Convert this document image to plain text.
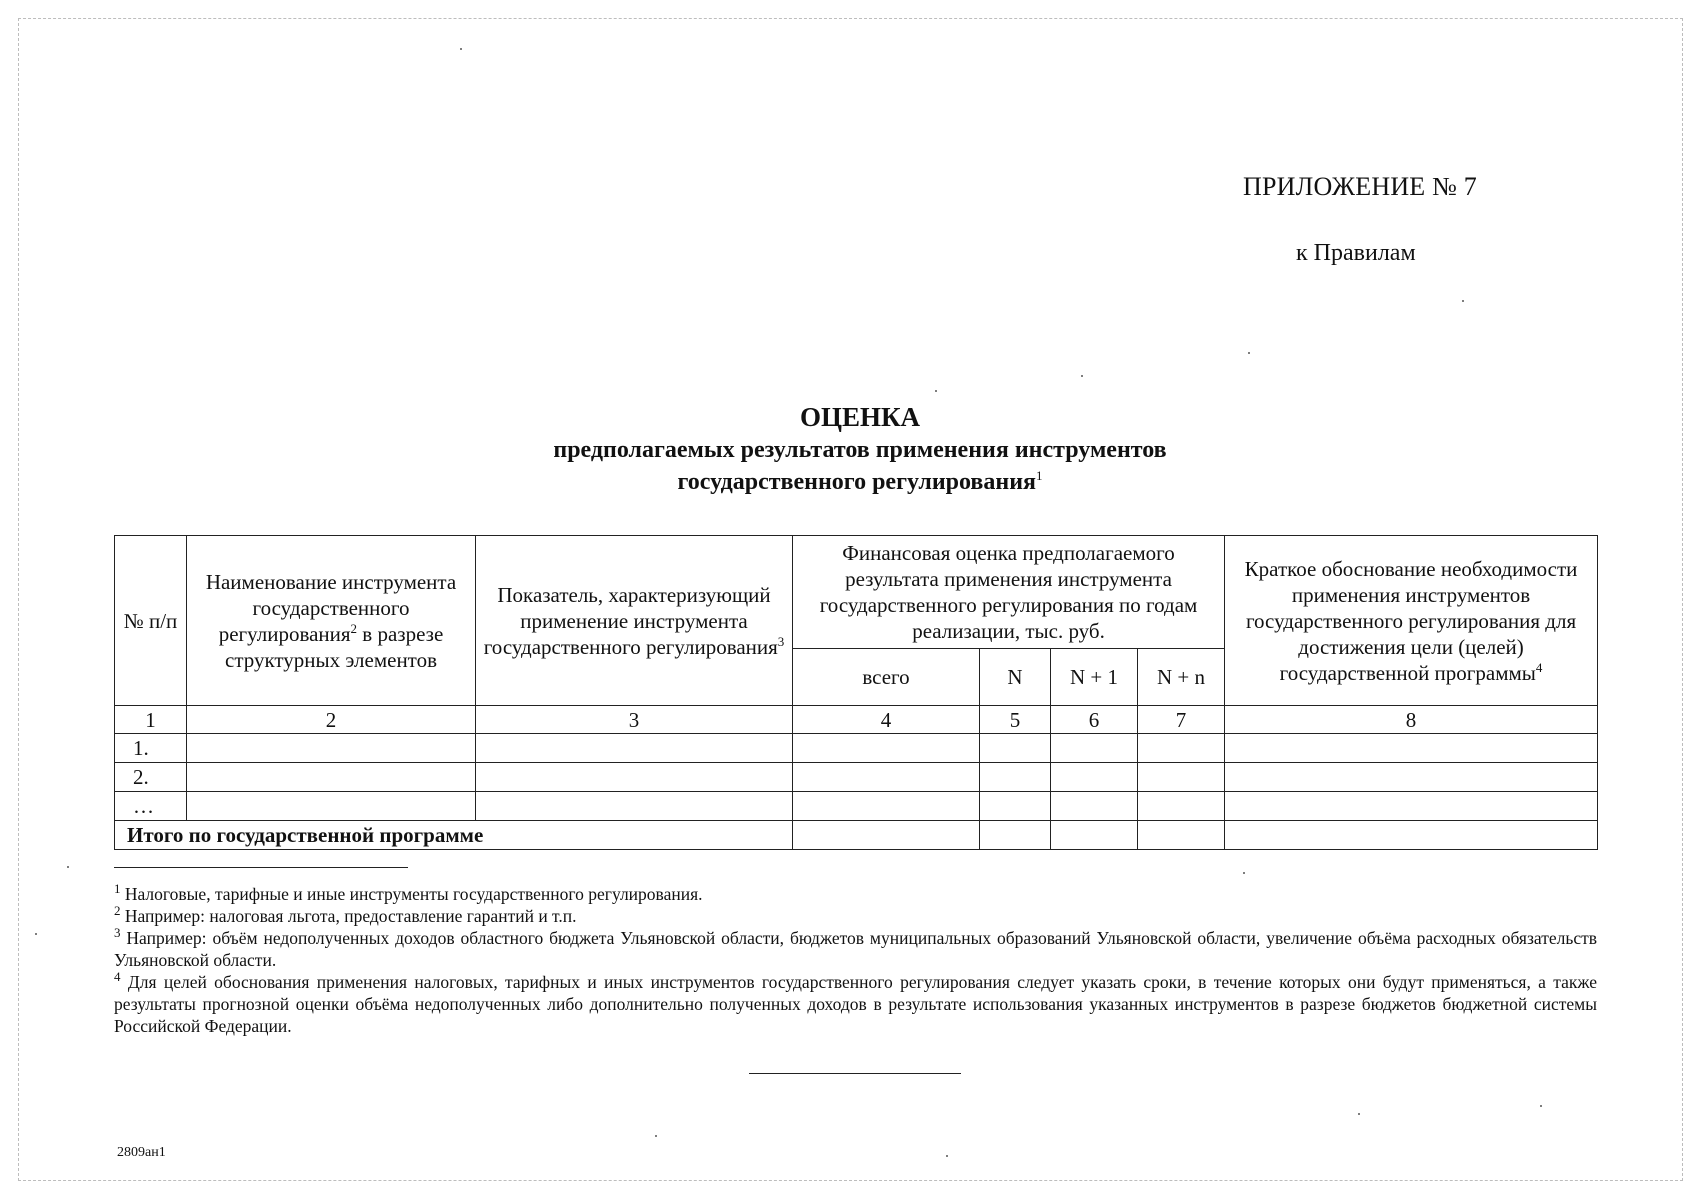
ПРИЛОЖЕНИЕ № 7
к Правилам
ОЦЕНКА
предполагаемых результатов применения инструментов
государственного регулирования$^1$
№ п/п	Наименование инструмента государственного регулирования$^2$ в разрезе структурных элементов	Показатель, характеризующий применение инструмента государственного регулирования$^3$	Финансовая оценка предполагаемого результата применения инструмента государственного регулирования по годам реализации, тыс. руб.				Краткое обоснование необходимости применения инструментов государственного регулирования для достижения цели (целей) государственной программы$^4$
			всего	N	N + 1	N + n	
1	2	3	4	5	6	7	8
1.							
2.							
…							
Итого по государственной программе							

$^1$ Налоговые, тарифные и иные инструменты государственного регулирования.

$^2$ Например: налоговая льгота, предоставление гарантий и т.п.

$^3$ Например: объём недополученных доходов областного бюджета Ульяновской области, бюджетов муниципальных образований Ульяновской области, увеличение объёма расходных обязательств Ульяновской области.

$^4$ Для целей обоснования применения налоговых, тарифных и иных инструментов государственного регулирования следует указать сроки, в течение которых они будут применяться, а также результаты прогнозной оценки объёма недополученных либо дополнительно полученных доходов в результате использования указанных инструментов в разрезе бюджетов бюджетной системы Российской Федерации.

2809ан1
